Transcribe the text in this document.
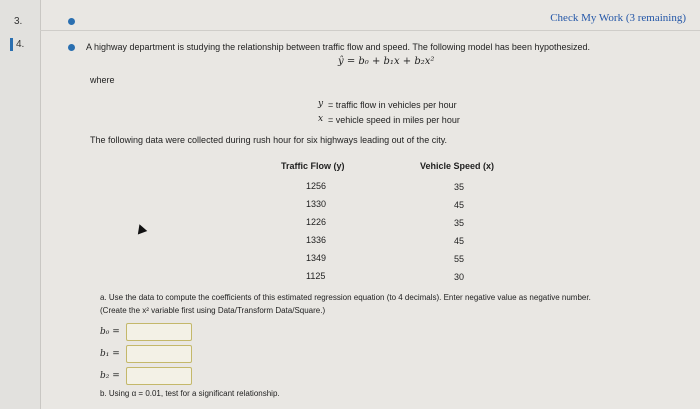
3.
4.
Check My Work (3 remaining)
A highway department is studying the relationship between traffic flow and speed. The following model has been hypothesized.
ŷ = b₀ + b₁x + b₂x²
where
y = traffic flow in vehicles per hour
x = vehicle speed in miles per hour
The following data were collected during rush hour for six highways leading out of the city.
Traffic Flow (y)	Vehicle Speed (x)
1256	35
1330	45
1226	35
1336	45
1349	55
1125	30
a. Use the data to compute the coefficients of this estimated regression equation (to 4 decimals). Enter negative value as negative number.
(Create the x² variable first using Data/Transform Data/Square.)
b₀ =
b₁ =
b₂ =
b. Using α = 0.01, test for a significant relationship.
